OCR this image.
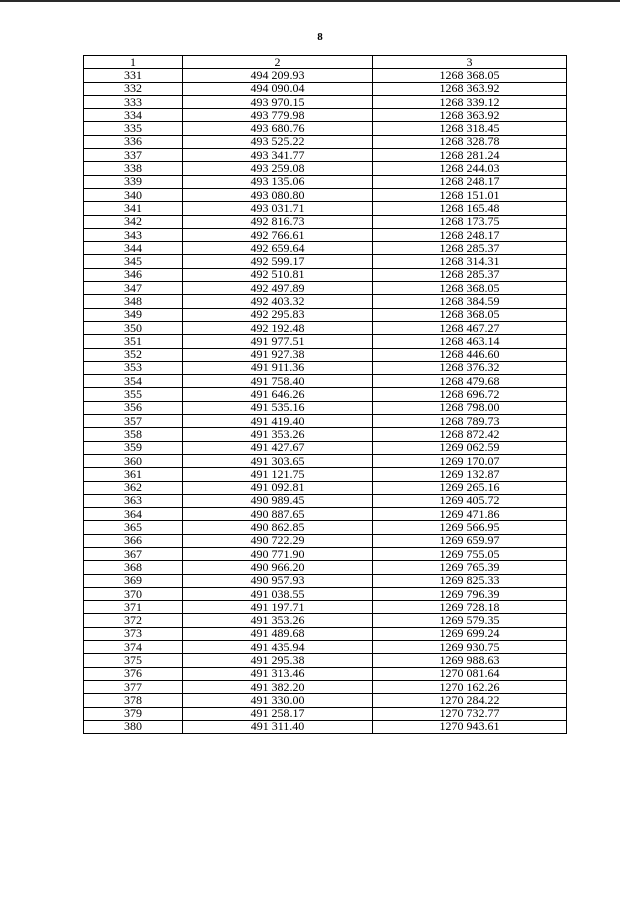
8
1	2	3
331	494 209.93	1268 368.05
332	494 090.04	1268 363.92
333	493 970.15	1268 339.12
334	493 779.98	1268 363.92
335	493 680.76	1268 318.45
336	493 525.22	1268 328.78
337	493 341.77	1268 281.24
338	493 259.08	1268 244.03
339	493 135.06	1268 248.17
340	493 080.80	1268 151.01
341	493 031.71	1268 165.48
342	492 816.73	1268 173.75
343	492 766.61	1268 248.17
344	492 659.64	1268 285.37
345	492 599.17	1268 314.31
346	492 510.81	1268 285.37
347	492 497.89	1268 368.05
348	492 403.32	1268 384.59
349	492 295.83	1268 368.05
350	492 192.48	1268 467.27
351	491 977.51	1268 463.14
352	491 927.38	1268 446.60
353	491 911.36	1268 376.32
354	491 758.40	1268 479.68
355	491 646.26	1268 696.72
356	491 535.16	1268 798.00
357	491 419.40	1268 789.73
358	491 353.26	1268 872.42
359	491 427.67	1269 062.59
360	491 303.65	1269 170.07
361	491 121.75	1269 132.87
362	491 092.81	1269 265.16
363	490 989.45	1269 405.72
364	490 887.65	1269 471.86
365	490 862.85	1269 566.95
366	490 722.29	1269 659.97
367	490 771.90	1269 755.05
368	490 966.20	1269 765.39
369	490 957.93	1269 825.33
370	491 038.55	1269 796.39
371	491 197.71	1269 728.18
372	491 353.26	1269 579.35
373	491 489.68	1269 699.24
374	491 435.94	1269 930.75
375	491 295.38	1269 988.63
376	491 313.46	1270 081.64
377	491 382.20	1270 162.26
378	491 330.00	1270 284.22
379	491 258.17	1270 732.77
380	491 311.40	1270 943.61
